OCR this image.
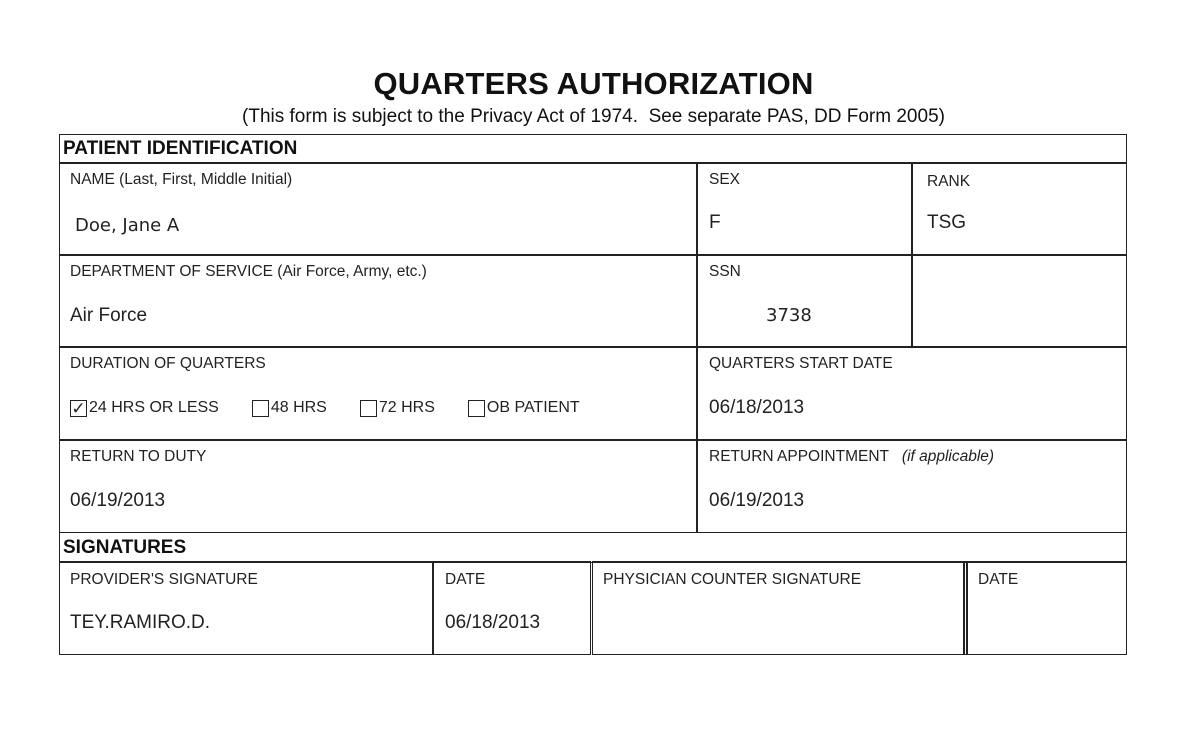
QUARTERS AUTHORIZATION
(This form is subject to the Privacy Act of 1974.  See separate PAS, DD Form 2005)
PATIENT IDENTIFICATION
NAME (Last, First, Middle Initial)
Doe, Jane A
SEX
F
RANK
TSG
DEPARTMENT OF SERVICE (Air Force, Army, etc.)
Air Force
SSN
3738
DURATION OF QUARTERS
✓ 24 HRS OR LESS	48 HRS	72 HRS	OB PATIENT
QUARTERS START DATE
06/18/2013
RETURN TO DUTY
06/19/2013
RETURN APPOINTMENT (if applicable)
06/19/2013
SIGNATURES
PROVIDER'S SIGNATURE
TEY.RAMIRO.D.
DATE
06/18/2013
PHYSICIAN COUNTER SIGNATURE	DATE
